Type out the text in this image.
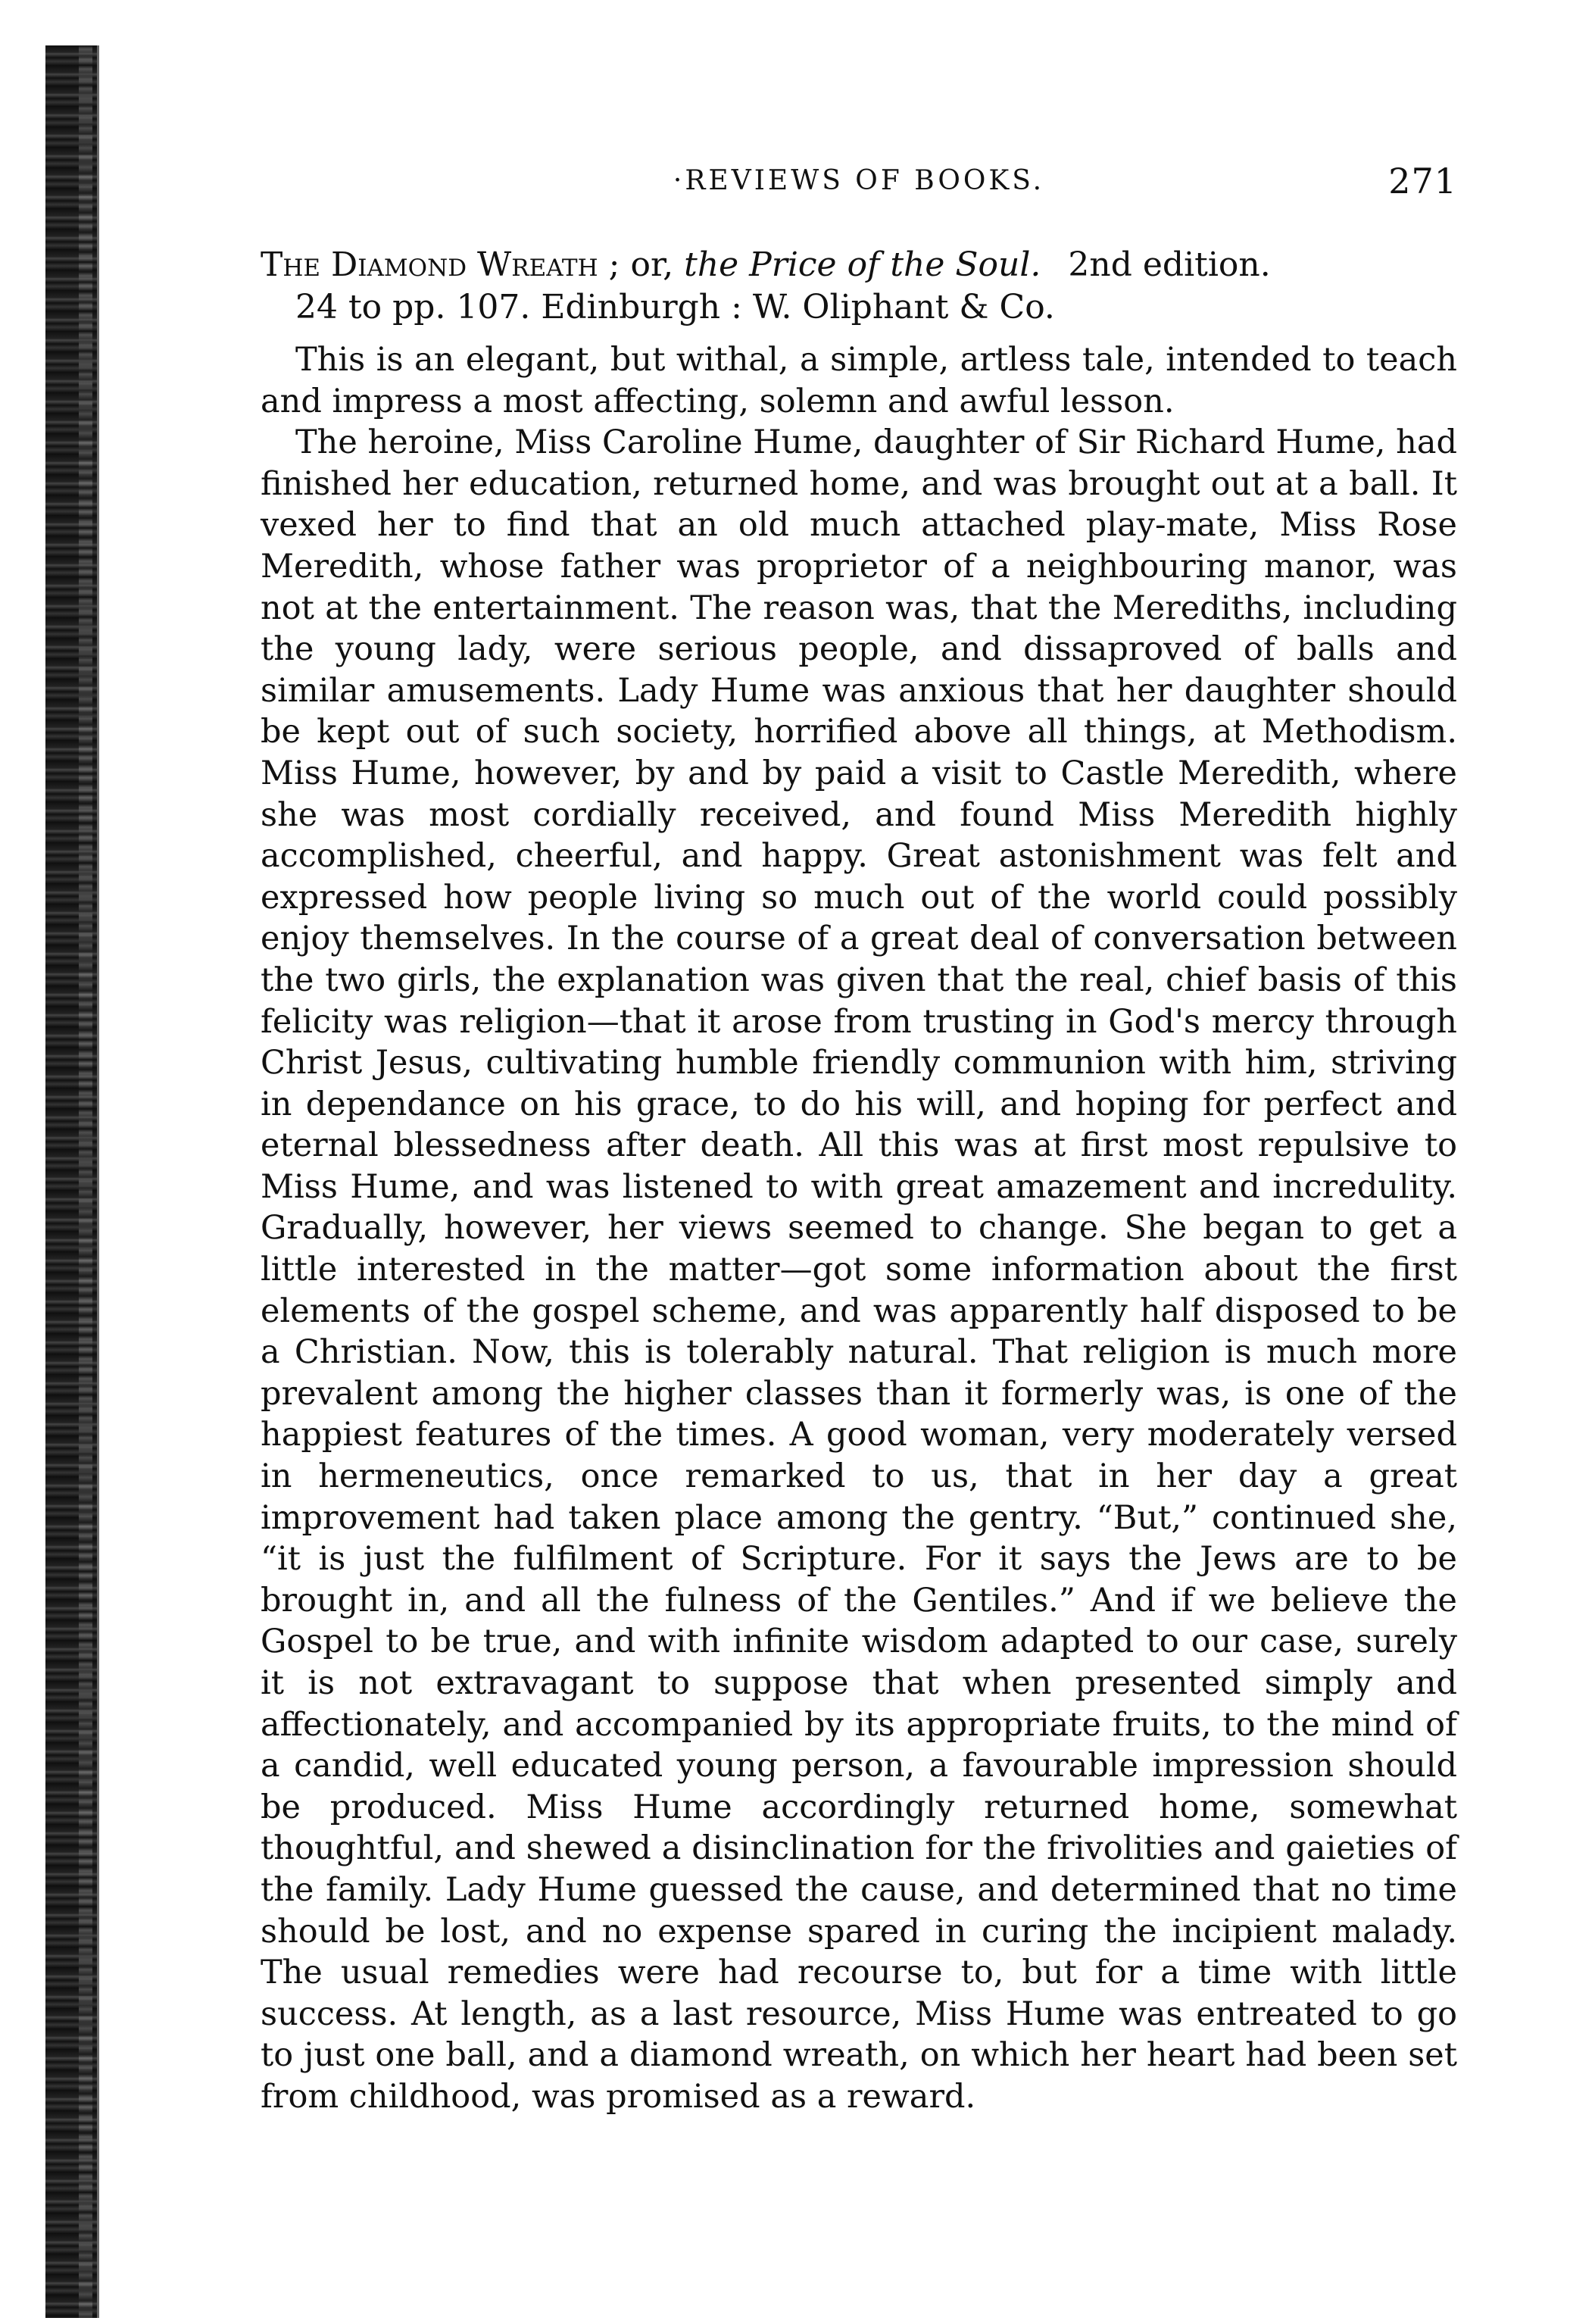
·REVIEWS OF BOOKS.	271
The Diamond Wreath ; or, the Price of the Soul. 2nd edition.
24 to pp. 107. Edinburgh : W. Oliphant & Co.

This is an elegant, but withal, a simple, artless tale, intended to teach and impress a most affecting, solemn and awful lesson.

The heroine, Miss Caroline Hume, daughter of Sir Richard Hume, had finished her education, returned home, and was brought out at a ball. It vexed her to find that an old much attached play-mate, Miss Rose Meredith, whose father was proprietor of a neighbouring manor, was not at the entertainment. The reason was, that the Merediths, including the young lady, were serious people, and dissaproved of balls and similar amusements. Lady Hume was anxious that her daughter should be kept out of such society, horrified above all things, at Methodism. Miss Hume, however, by and by paid a visit to Castle Meredith, where she was most cordially received, and found Miss Meredith highly accomplished, cheerful, and happy. Great astonishment was felt and expressed how people living so much out of the world could possibly enjoy themselves. In the course of a great deal of conversation between the two girls, the explanation was given that the real, chief basis of this felicity was religion—that it arose from trusting in God's mercy through Christ Jesus, cultivating humble friendly communion with him, striving in dependance on his grace, to do his will, and hoping for perfect and eternal blessedness after death. All this was at first most repulsive to Miss Hume, and was listened to with great amazement and incredulity. Gradually, however, her views seemed to change. She began to get a little interested in the matter—got some information about the first elements of the gospel scheme, and was apparently half disposed to be a Christian. Now, this is tolerably natural. That religion is much more prevalent among the higher classes than it formerly was, is one of the happiest features of the times. A good woman, very moderately versed in hermeneutics, once remarked to us, that in her day a great improvement had taken place among the gentry. “But,” continued she, “it is just the fulfilment of Scripture. For it says the Jews are to be brought in, and all the fulness of the Gentiles.” And if we believe the Gospel to be true, and with infinite wisdom adapted to our case, surely it is not extravagant to suppose that when presented simply and affectionately, and accompanied by its appropriate fruits, to the mind of a candid, well educated young person, a favourable impression should be produced. Miss Hume accordingly returned home, somewhat thoughtful, and shewed a disinclination for the frivolities and gaieties of the family. Lady Hume guessed the cause, and determined that no time should be lost, and no expense spared in curing the incipient malady. The usual remedies were had recourse to, but for a time with little success. At length, as a last resource, Miss Hume was entreated to go to just one ball, and a diamond wreath, on which her heart had been set from childhood, was promised as a reward.
